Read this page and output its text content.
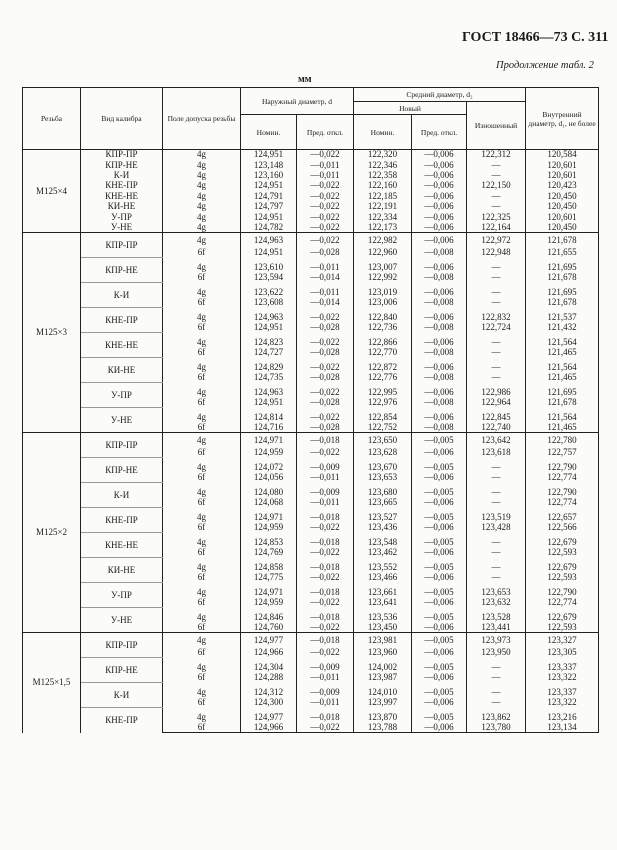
ГОСТ 18466—73 С. 311
Продолжение табл. 2
мм
Резьба	Вид калибра	Поле допуска резьбы	Наружный диаметр, d		Средний диаметр, d₂			Внутренний диаметр, d₁, не более
					Новый		Изношенный	
			Номин.	Пред. откл.	Номин.	Пред. откл.		
M125×4	КПР-ПР	4g	124,951	—0,022	122,320	—0,006	122,312	120,584
	КПР-НЕ	4g	123,148	—0,011	122,346	—0,006	—	120,601
	К-И	4g	123,160	—0,011	122,358	—0,006	—	120,601
	КНЕ-ПР	4g	124,951	—0,022	122,160	—0,006	122,150	120,423
	КНЕ-НЕ	4g	124,791	—0,022	122,185	—0,006	—	120,450
	КИ-НЕ	4g	124,797	—0,022	122,191	—0,006	—	120,450
	У-ПР	4g	124,951	—0,022	122,334	—0,006	122,325	120,601
	У-НЕ	4g	124,782	—0,022	122,173	—0,006	122,164	120,450
M125×3	КПР-ПР	4g	124,963	—0,022	122,982	—0,006	122,972	121,678
		6f	124,951	—0,028	122,960	—0,008	122,948	121,655
	КПР-НЕ	4g	123,610	—0,011	123,007	—0,006	—	121,695
		6f	123,594	—0,014	122,992	—0,008	—	121,678
	К-И	4g	123,622	—0,011	123,019	—0,006	—	121,695
		6f	123,608	—0,014	123,006	—0,008	—	121,678
	КНЕ-ПР	4g	124,963	—0,022	122,840	—0,006	122,832	121,537
		6f	124,951	—0,028	122,736	—0,008	122,724	121,432
	КНЕ-НЕ	4g	124,823	—0,022	122,866	—0,006	—	121,564
		6f	124,727	—0,028	122,770	—0,008	—	121,465
	КИ-НЕ	4g	124,829	—0,022	122,872	—0,006	—	121,564
		6f	124,735	—0,028	122,776	—0,008	—	121,465
	У-ПР	4g	124,963	—0,022	122,995	—0,006	122,986	121,695
		6f	124,951	—0,028	122,976	—0,008	122,964	121,678
	У-НЕ	4g	124,814	—0,022	122,854	—0,006	122,845	121,564
		6f	124,716	—0,028	122,752	—0,008	122,740	121,465
M125×2	КПР-ПР	4g	124,971	—0,018	123,650	—0,005	123,642	122,780
		6f	124,959	—0,022	123,628	—0,006	123,618	122,757
	КПР-НЕ	4g	124,072	—0,009	123,670	—0,005	—	122,790
		6f	124,056	—0,011	123,653	—0,006	—	122,774
	К-И	4g	124,080	—0,009	123,680	—0,005	—	122,790
		6f	124,068	—0,011	123,665	—0,006	—	122,774
	КНЕ-ПР	4g	124,971	—0,018	123,527	—0,005	123,519	122,657
		6f	124,959	—0,022	123,436	—0,006	123,428	122,566
	КНЕ-НЕ	4g	124,853	—0,018	123,548	—0,005	—	122,679
		6f	124,769	—0,022	123,462	—0,006	—	122,593
	КИ-НЕ	4g	124,858	—0,018	123,552	—0,005	—	122,679
		6f	124,775	—0,022	123,466	—0,006	—	122,593
	У-ПР	4g	124,971	—0,018	123,661	—0,005	123,653	122,790
		6f	124,959	—0,022	123,641	—0,006	123,632	122,774
	У-НЕ	4g	124,846	—0,018	123,536	—0,005	123,528	122,679
		6f	124,760	—0,022	123,450	—0,006	123,441	122,593
M125×1,5	КПР-ПР	4g	124,977	—0,018	123,981	—0,005	123,973	123,327
		6f	124,966	—0,022	123,960	—0,006	123,950	123,305
	КПР-НЕ	4g	124,304	—0,009	124,002	—0,005	—	123,337
		6f	124,288	—0,011	123,987	—0,006	—	123,322
	К-И	4g	124,312	—0,009	124,010	—0,005	—	123,337
		6f	124,300	—0,011	123,997	—0,006	—	123,322
	КНЕ-ПР	4g	124,977	—0,018	123,870	—0,005	123,862	123,216
		6f	124,966	—0,022	123,788	—0,006	123,780	123,134
